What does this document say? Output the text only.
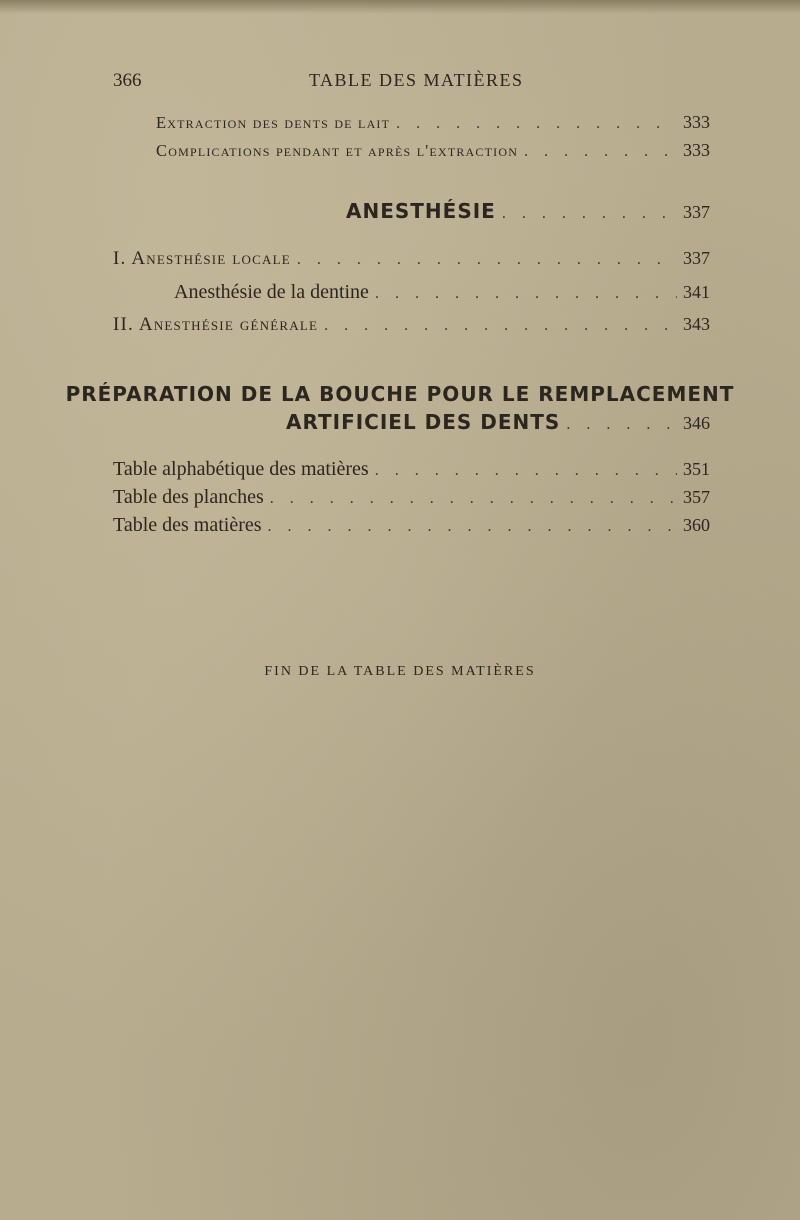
366	TABLE DES MATIÈRES
Extraction des dents de lait . . .	333
Complications pendant et après l'extraction . . .	333
ANESTHÉSIE . . .	337
I. Anesthésie locale . . .	337
Anesthésie de la dentine . . .	341
II. Anesthésie générale . . .	343
PRÉPARATION DE LA BOUCHE POUR LE REMPLACEMENT
ARTIFICIEL DES DENTS . . .	346
Table alphabétique des matières . . .	351
Table des planches . . .	357
Table des matières . . .	360
FIN DE LA TABLE DES MATIÈRES
